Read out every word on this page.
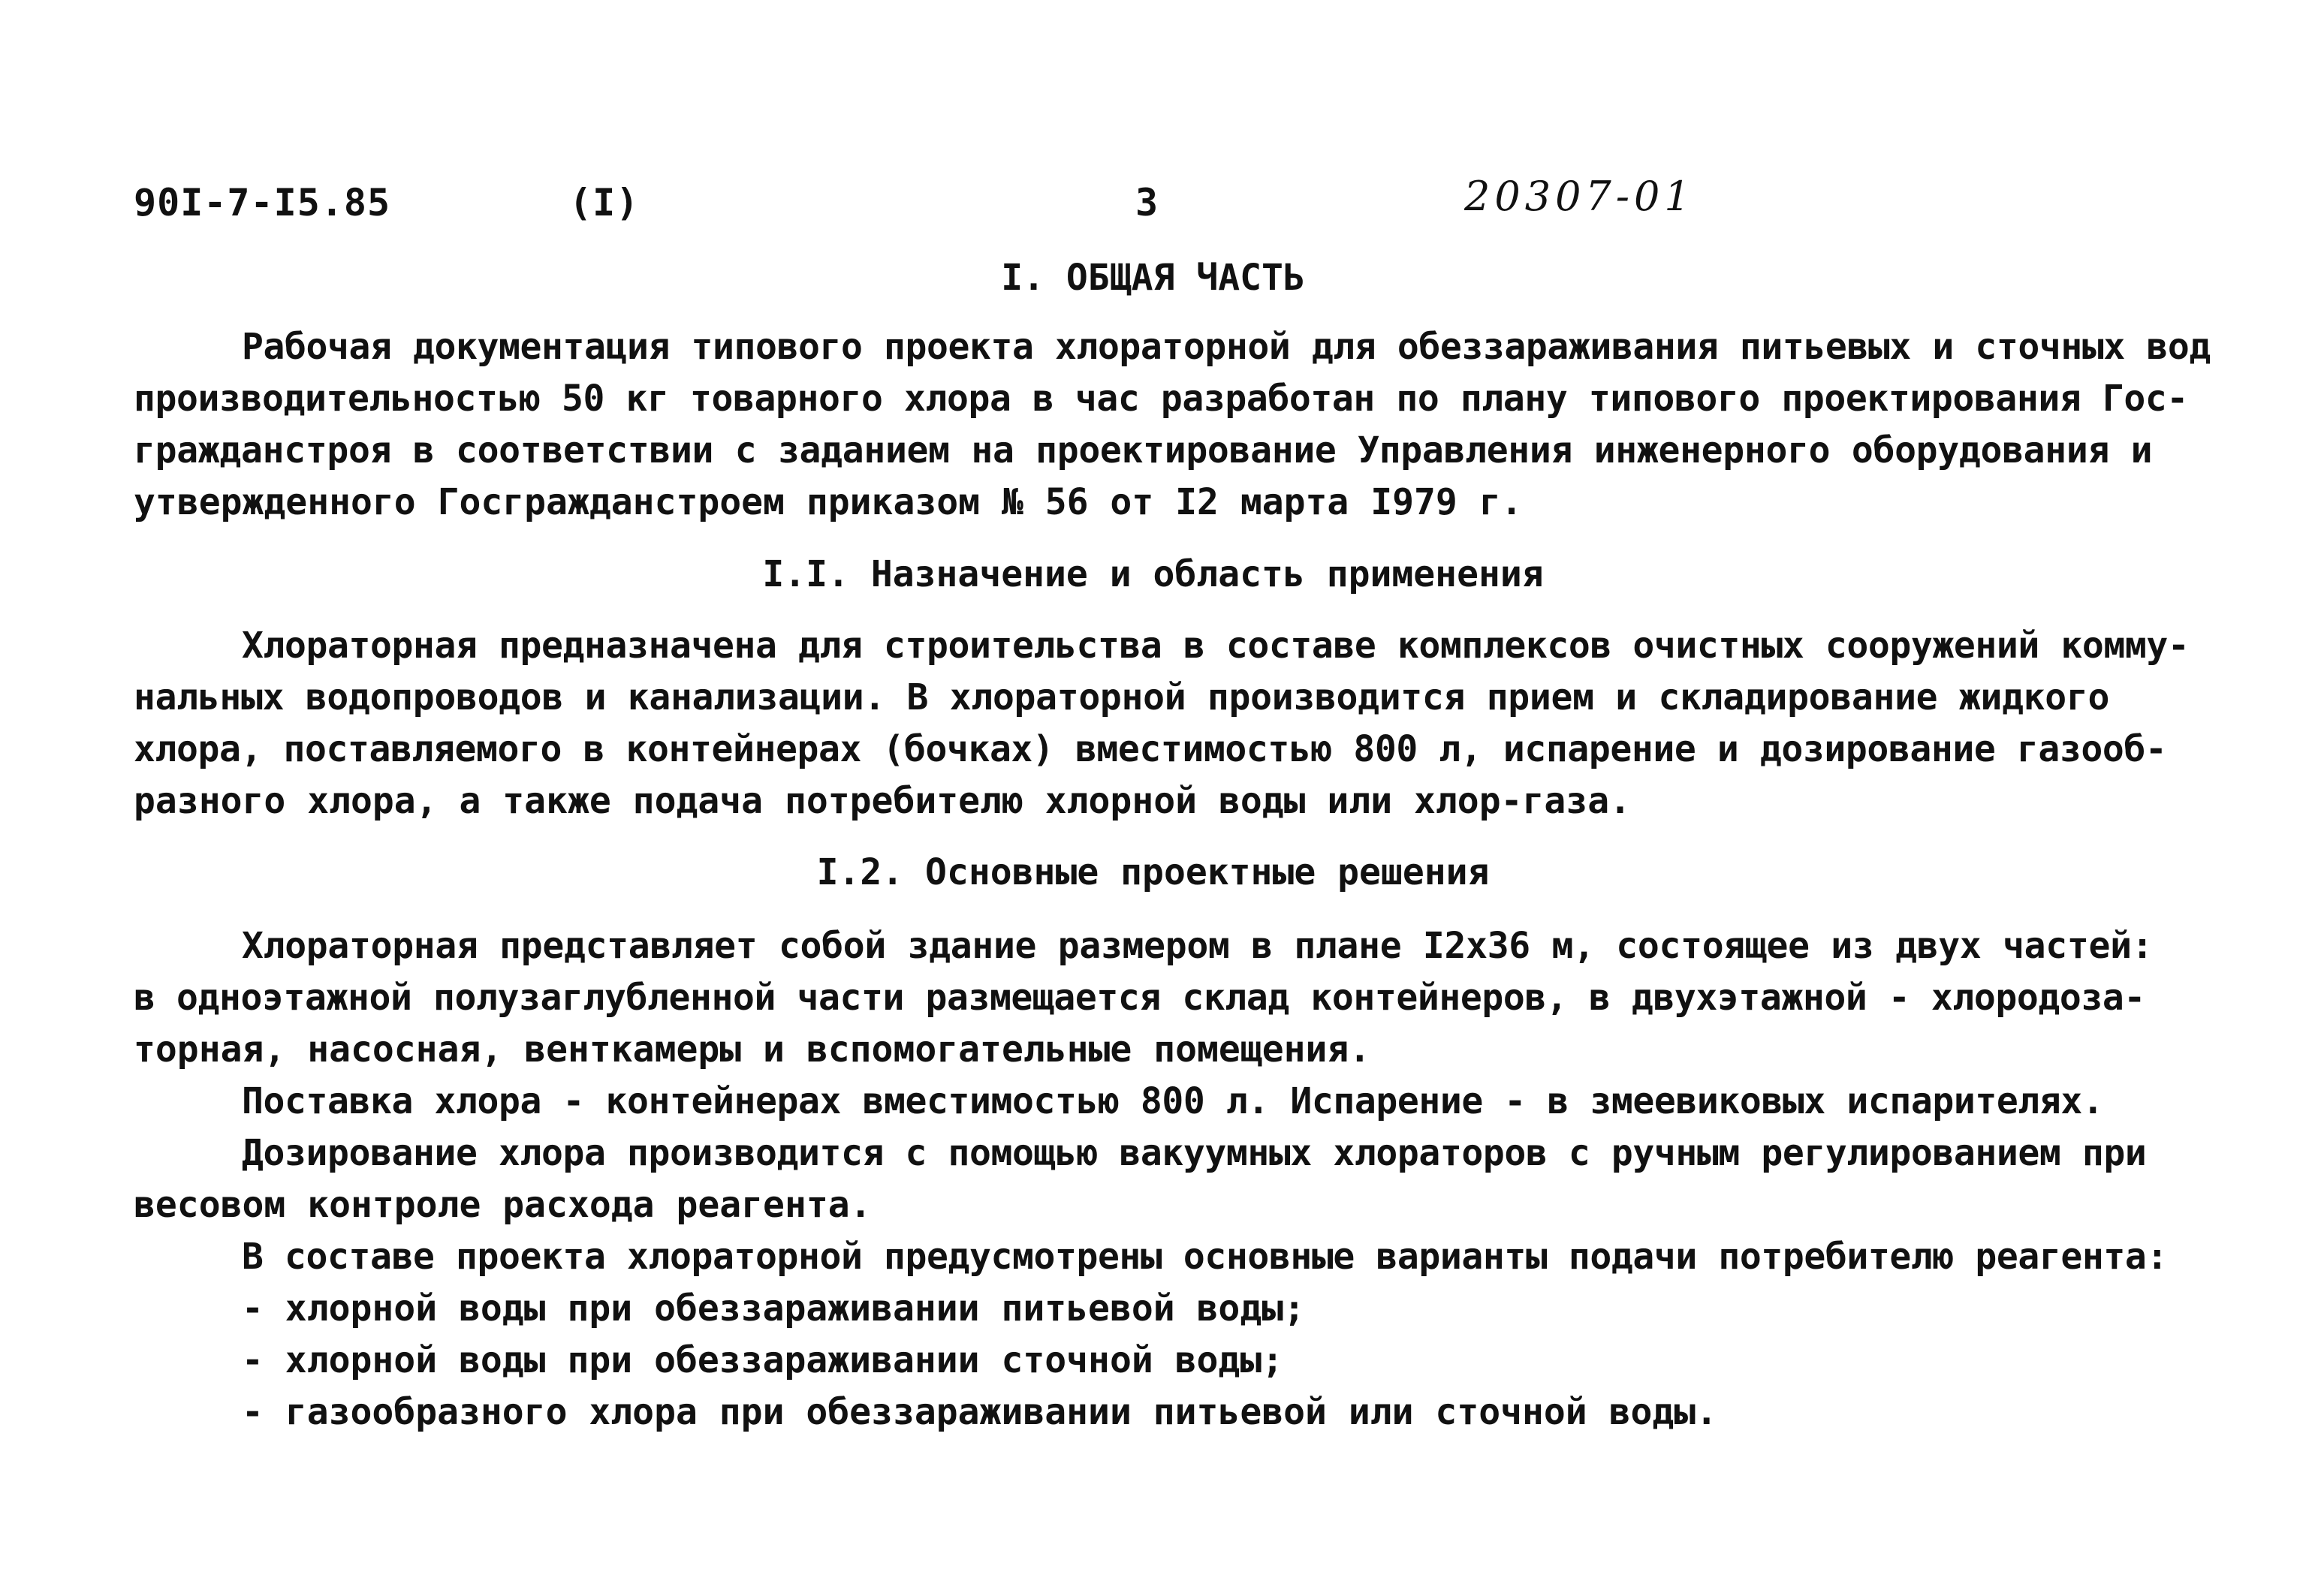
90I-7-I5.85	(I)	3	20307-01
I. ОБЩАЯ ЧАСТЬ
Рабочая документация типового проекта хлораторной для обеззараживания питьевых и сточных вод
производительностью 50 кг товарного хлора в час разработан по плану типового проектирования Гос-
гражданстроя в соответствии с заданием на проектирование Управления инженерного оборудования и
утвержденного Госгражданстроем приказом № 56 от I2 марта I979 г.
I.I. Назначение и область применения
Хлораторная предназначена для строительства в составе комплексов очистных сооружений комму-
нальных водопроводов и канализации. В хлораторной производится прием и складирование жидкого
хлора, поставляемого в контейнерах (бочках) вместимостью 800 л, испарение и дозирование газооб-
разного хлора, а также подача потребителю хлорной воды или хлор-газа.
I.2. Основные проектные решения
Хлораторная представляет собой здание размером в плане I2х36 м, состоящее из двух частей:
в одноэтажной полузаглубленной части размещается склад контейнеров, в двухэтажной - хлородоза-
торная, насосная, венткамеры и вспомогательные помещения.
Поставка хлора - контейнерах вместимостью 800 л. Испарение - в змеевиковых испарителях.
Дозирование хлора производится с помощью вакуумных хлораторов с ручным регулированием при
весовом контроле расхода реагента.
В составе проекта хлораторной предусмотрены основные варианты подачи потребителю реагента:
- хлорной воды при обеззараживании питьевой воды;
- хлорной воды при обеззараживании сточной воды;
- газообразного хлора при обеззараживании питьевой или сточной воды.
